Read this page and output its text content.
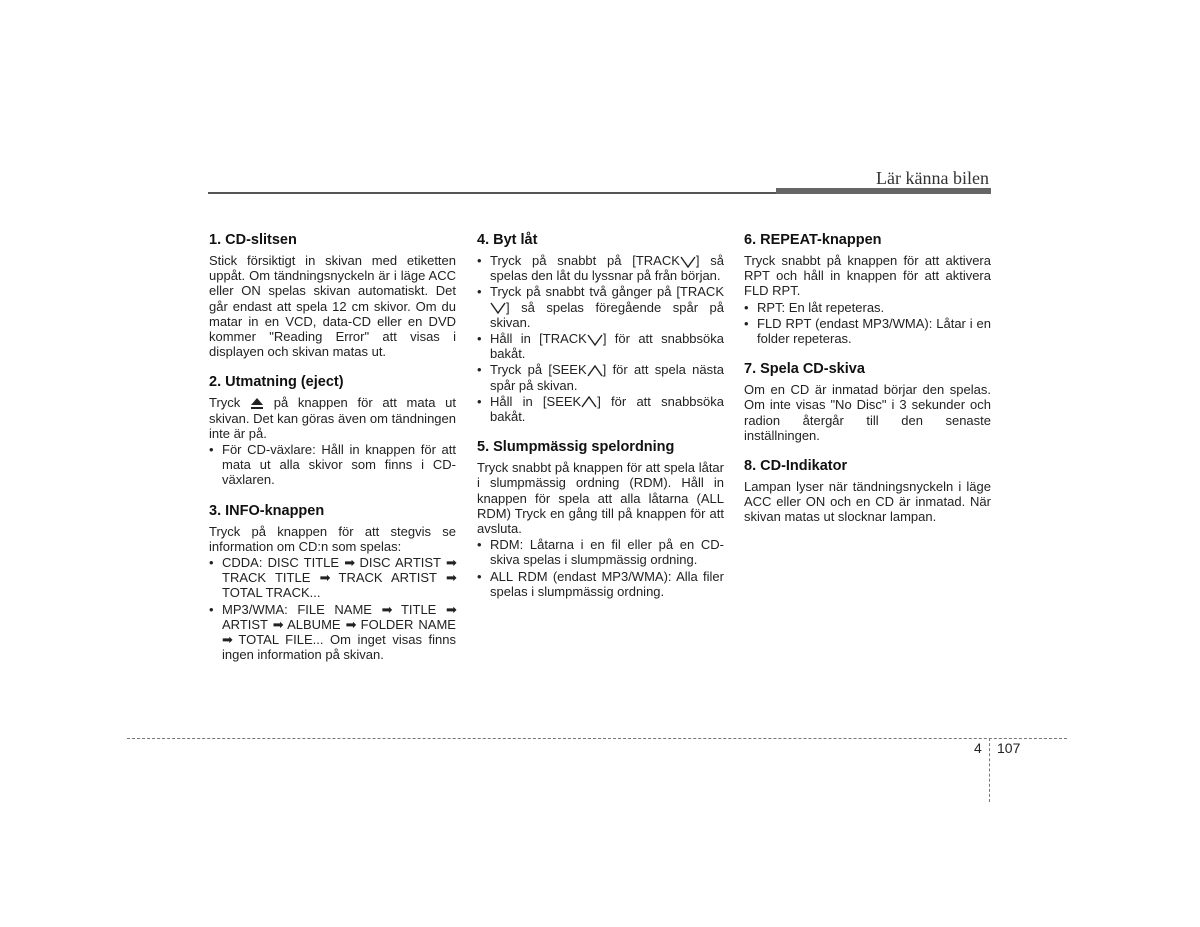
Lär känna bilen
1. CD-slitsen

Stick försiktigt in skivan med etiketten uppåt. Om tändningsnyckeln är i läge ACC eller ON spelas skivan automatiskt. Det går endast att spela 12 cm skivor. Om du matar in en VCD, data-CD eller en DVD kommer "Reading Error" att visas i displayen och skivan matas ut.

2. Utmatning (eject)

Tryck	på knappen för att mata ut skivan. Det kan göras även om tändningen inte är på.

• För CD-växlare: Håll in knappen för att mata ut alla skivor som finns i CD-växlaren.
3. INFO-knappen

Tryck på knappen för att stegvis se information om CD:n som spelas:

• CDDA: DISC TITLE ➡ DISC ARTIST ➡ TRACK TITLE ➡ TRACK ARTIST ➡TOTAL TRACK...
• MP3/WMA: FILE NAME ➡ TITLE ➡ ARTIST ➡ ALBUME ➡ FOLDER NAME ➡ TOTAL FILE... Om inget visas finns ingen information på skivan.
4. Byt låt
• Tryck på snabbt på [TRACK ] så spelas den låt du lyssnar på från början.
• Tryck på snabbt två gånger på [TRACK ] så spelas föregående spår på skivan.
• Håll in [TRACK ] för att snabbsöka bakåt.
• Tryck på [SEEK ] för att spela nästa spår på skivan.
• Håll in [SEEK ] för att snabbsöka bakåt.
5. Slumpmässig spelordning

Tryck snabbt på knappen för att spela låtar i slumpmässig ordning (RDM). Håll in knappen för spela att alla låtarna (ALL RDM) Tryck en gång till på knappen för att avsluta.

• RDM: Låtarna i en fil eller på en CD-skiva spelas i slumpmässig ordning.
• ALL RDM (endast MP3/WMA): Alla filer spelas i slumpmässig ordning.
6. REPEAT-knappen

Tryck snabbt på knappen för att aktivera RPT och håll in knappen för att aktivera FLD RPT.

• RPT: En låt repeteras.
• FLD RPT (endast MP3/WMA): Låtar i en folder repeteras.
7. Spela CD-skiva

Om en CD är inmatad börjar den spelas. Om inte visas "No Disc" i 3 sekunder och radion återgår till den senaste inställningen.

8. CD-Indikator

Lampan lyser när tändningsnyckeln i läge ACC eller ON och en CD är inmatad. När skivan matas ut slocknar lampan.

4 107
